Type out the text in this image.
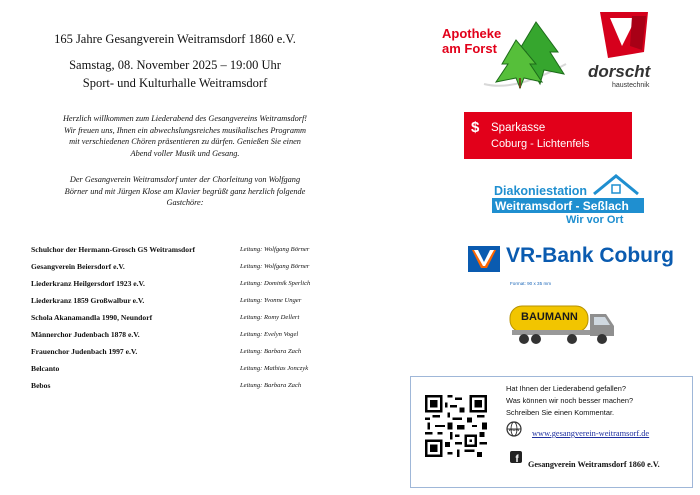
165 Jahre Gesangverein Weitramsdorf 1860 e.V.
Samstag, 08. November 2025 – 19:00 Uhr
Sport- und Kulturhalle Weitramsdorf
Herzlich willkommen zum Liederabend des Gesangvereins Weitramsdorf!
Wir freuen uns, Ihnen ein abwechslungsreiches musikalisches Programm
mit verschiedenen Chören präsentieren zu dürfen. Genießen Sie einen
Abend voller Musik und Gesang.
Der Gesangverein Weitramsdorf unter der Chorleitung von Wolfgang
Börner und mit Jürgen Klose am Klavier begrüßt ganz herzlich folgende
Gastchöre:
Schulchor der Hermann-Grosch GS Weitramsdorf	Leitung: Wolfgang Börner
Gesangverein Beiersdorf e.V.	Leitung: Wolfgang Börner
Liederkranz Heilgersdorf 1923 e.V.	Leitung: Dominik Sperlich
Liederkranz 1859 Großwalbur e.V.	Leitung: Yvonne Unger
Schola Akanamandla 1990, Neundorf	Leitung: Romy Dellert
Männerchor Judenbach 1878 e.V.	Leitung: Evelyn Vogel
Frauenchor Judenbach 1997 e.V.	Leitung: Barbara Zach
Belcanto	Leitung: Mathias Jonczyk
Bebos	Leitung: Barbara Zach
Apotheke
am Forst
dorscht
haustechnik
$ Sparkasse
Coburg - Lichtenfels
Diakoniestation
Weitramsdorf - Seßlach
Wir vor Ort
VR-Bank Coburg
Format: 90 x 35 mm
BAUMANN
Hat Ihnen der Liederabend gefallen?
Was können wir noch besser machen?
Schreiben Sie einen Kommentar.
www www.gesangverein-weitramsorf.de
f Gesangverein Weitramsdorf 1860 e.V.
